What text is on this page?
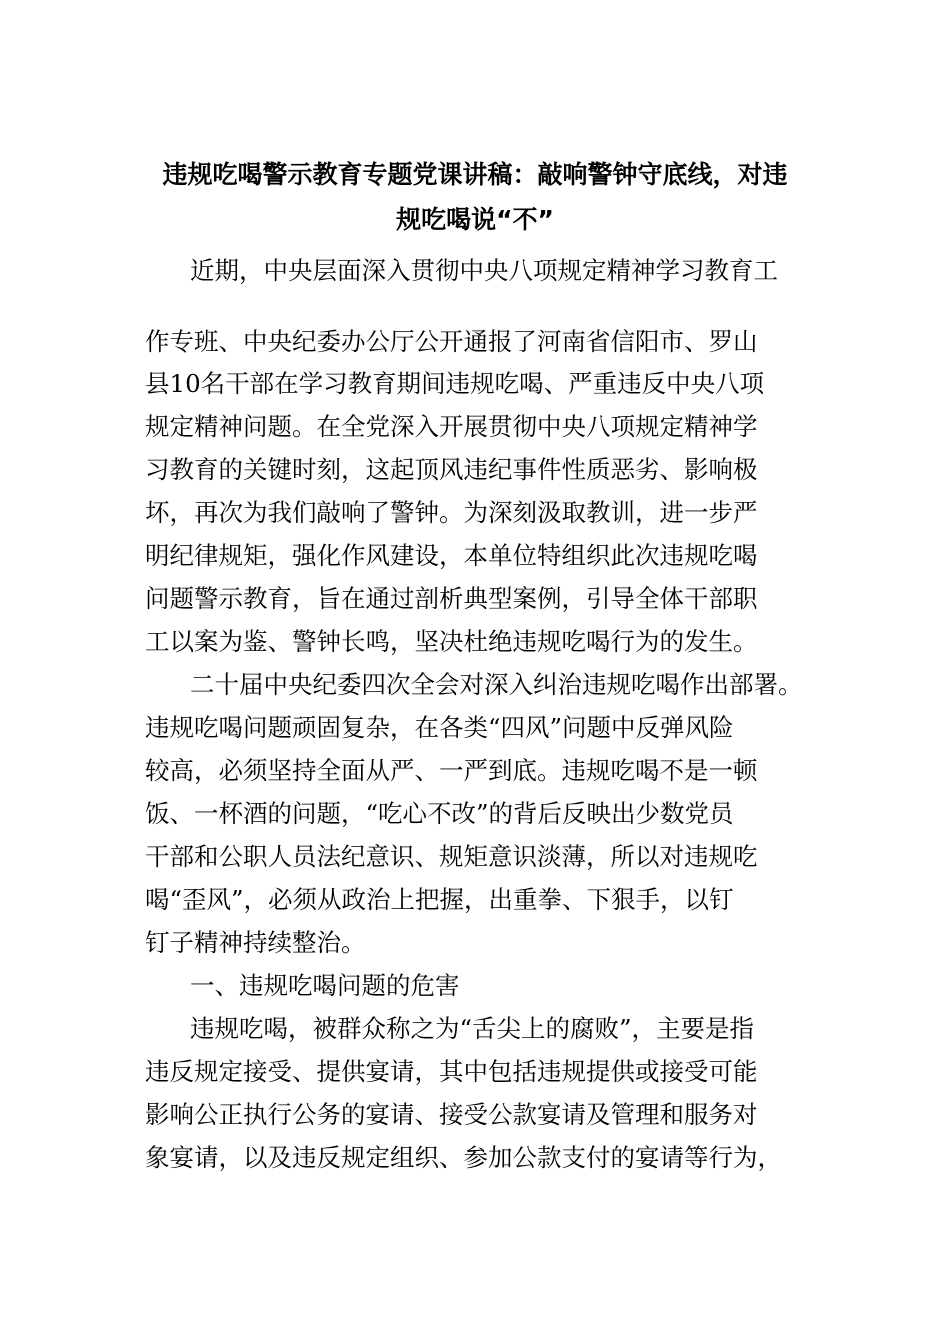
违规吃喝警示教育专题党课讲稿：敲响警钟守底线，对违
规吃喝说“不”
近期，中央层面深入贯彻中央八项规定精神学习教育工
作专班、中央纪委办公厅公开通报了河南省信阳市、罗山
县10名干部在学习教育期间违规吃喝、严重违反中央八项
规定精神问题。在全党深入开展贯彻中央八项规定精神学
习教育的关键时刻，这起顶风违纪事件性质恶劣、影响极
坏，再次为我们敲响了警钟。为深刻汲取教训，进一步严
明纪律规矩，强化作风建设，本单位特组织此次违规吃喝
问题警示教育，旨在通过剖析典型案例，引导全体干部职
工以案为鉴、警钟长鸣，坚决杜绝违规吃喝行为的发生。
二十届中央纪委四次全会对深入纠治违规吃喝作出部署。
违规吃喝问题顽固复杂，在各类“四风”问题中反弹风险
较高，必须坚持全面从严、一严到底。违规吃喝不是一顿
饭、一杯酒的问题，“吃心不改”的背后反映出少数党员
干部和公职人员法纪意识、规矩意识淡薄，所以对违规吃
喝“歪风”，必须从政治上把握，出重拳、下狠手，以钉
钉子精神持续整治。
一、违规吃喝问题的危害
违规吃喝，被群众称之为“舌尖上的腐败”，主要是指
违反规定接受、提供宴请，其中包括违规提供或接受可能
影响公正执行公务的宴请、接受公款宴请及管理和服务对
象宴请，以及违反规定组织、参加公款支付的宴请等行为，
